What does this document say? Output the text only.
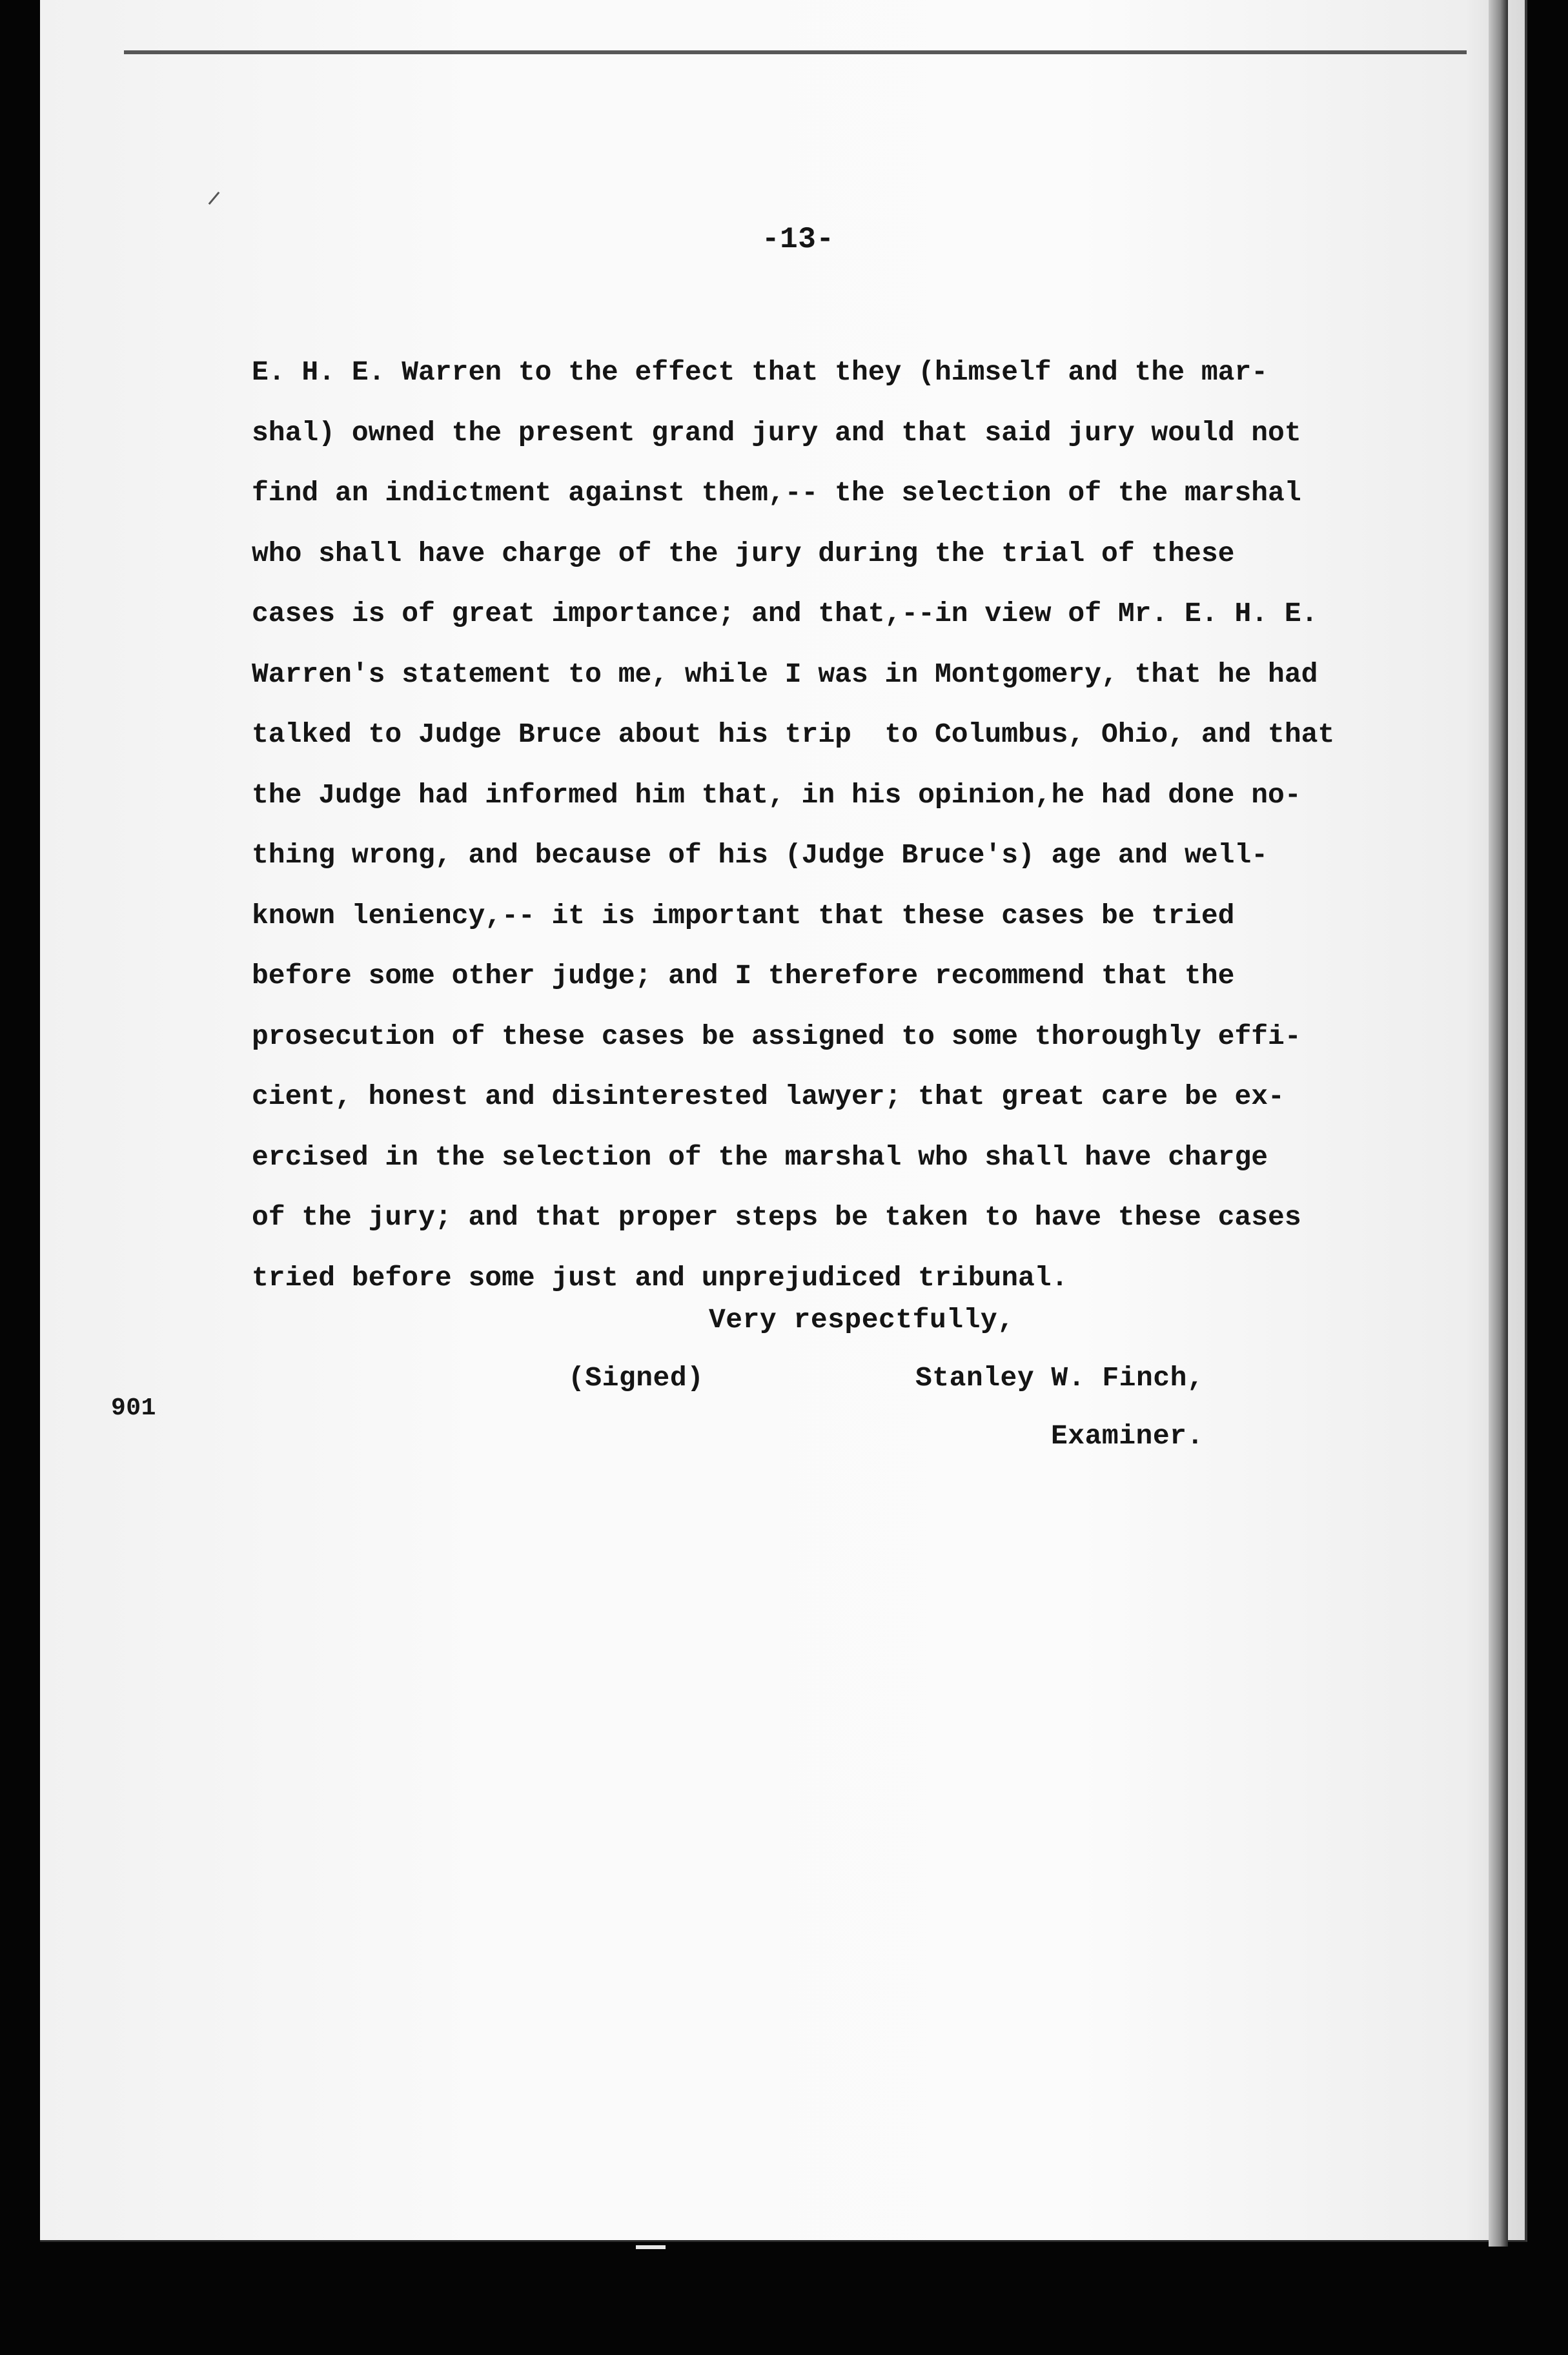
-13-
E. H. E. Warren to the effect that they (himself and the mar-
shal) owned the present grand jury and that said jury would not
find an indictment against them,-- the selection of the marshal
who shall have charge of the jury during the trial of these
cases is of great importance; and that,--in view of Mr. E. H. E.
Warren's statement to me, while I was in Montgomery, that he had
talked to Judge Bruce about his trip  to Columbus, Ohio, and that
the Judge had informed him that, in his opinion,he had done no-
thing wrong, and because of his (Judge Bruce's) age and well-
known leniency,-- it is important that these cases be tried
before some other judge; and I therefore recommend that the
prosecution of these cases be assigned to some thoroughly effi-
cient, honest and disinterested lawyer; that great care be ex-
ercised in the selection of the marshal who shall have charge
of the jury; and that proper steps be taken to have these cases
tried before some just and unprejudiced tribunal.
Very respectfully,
(Signed)	Stanley W. Finch,
Examiner.
901
